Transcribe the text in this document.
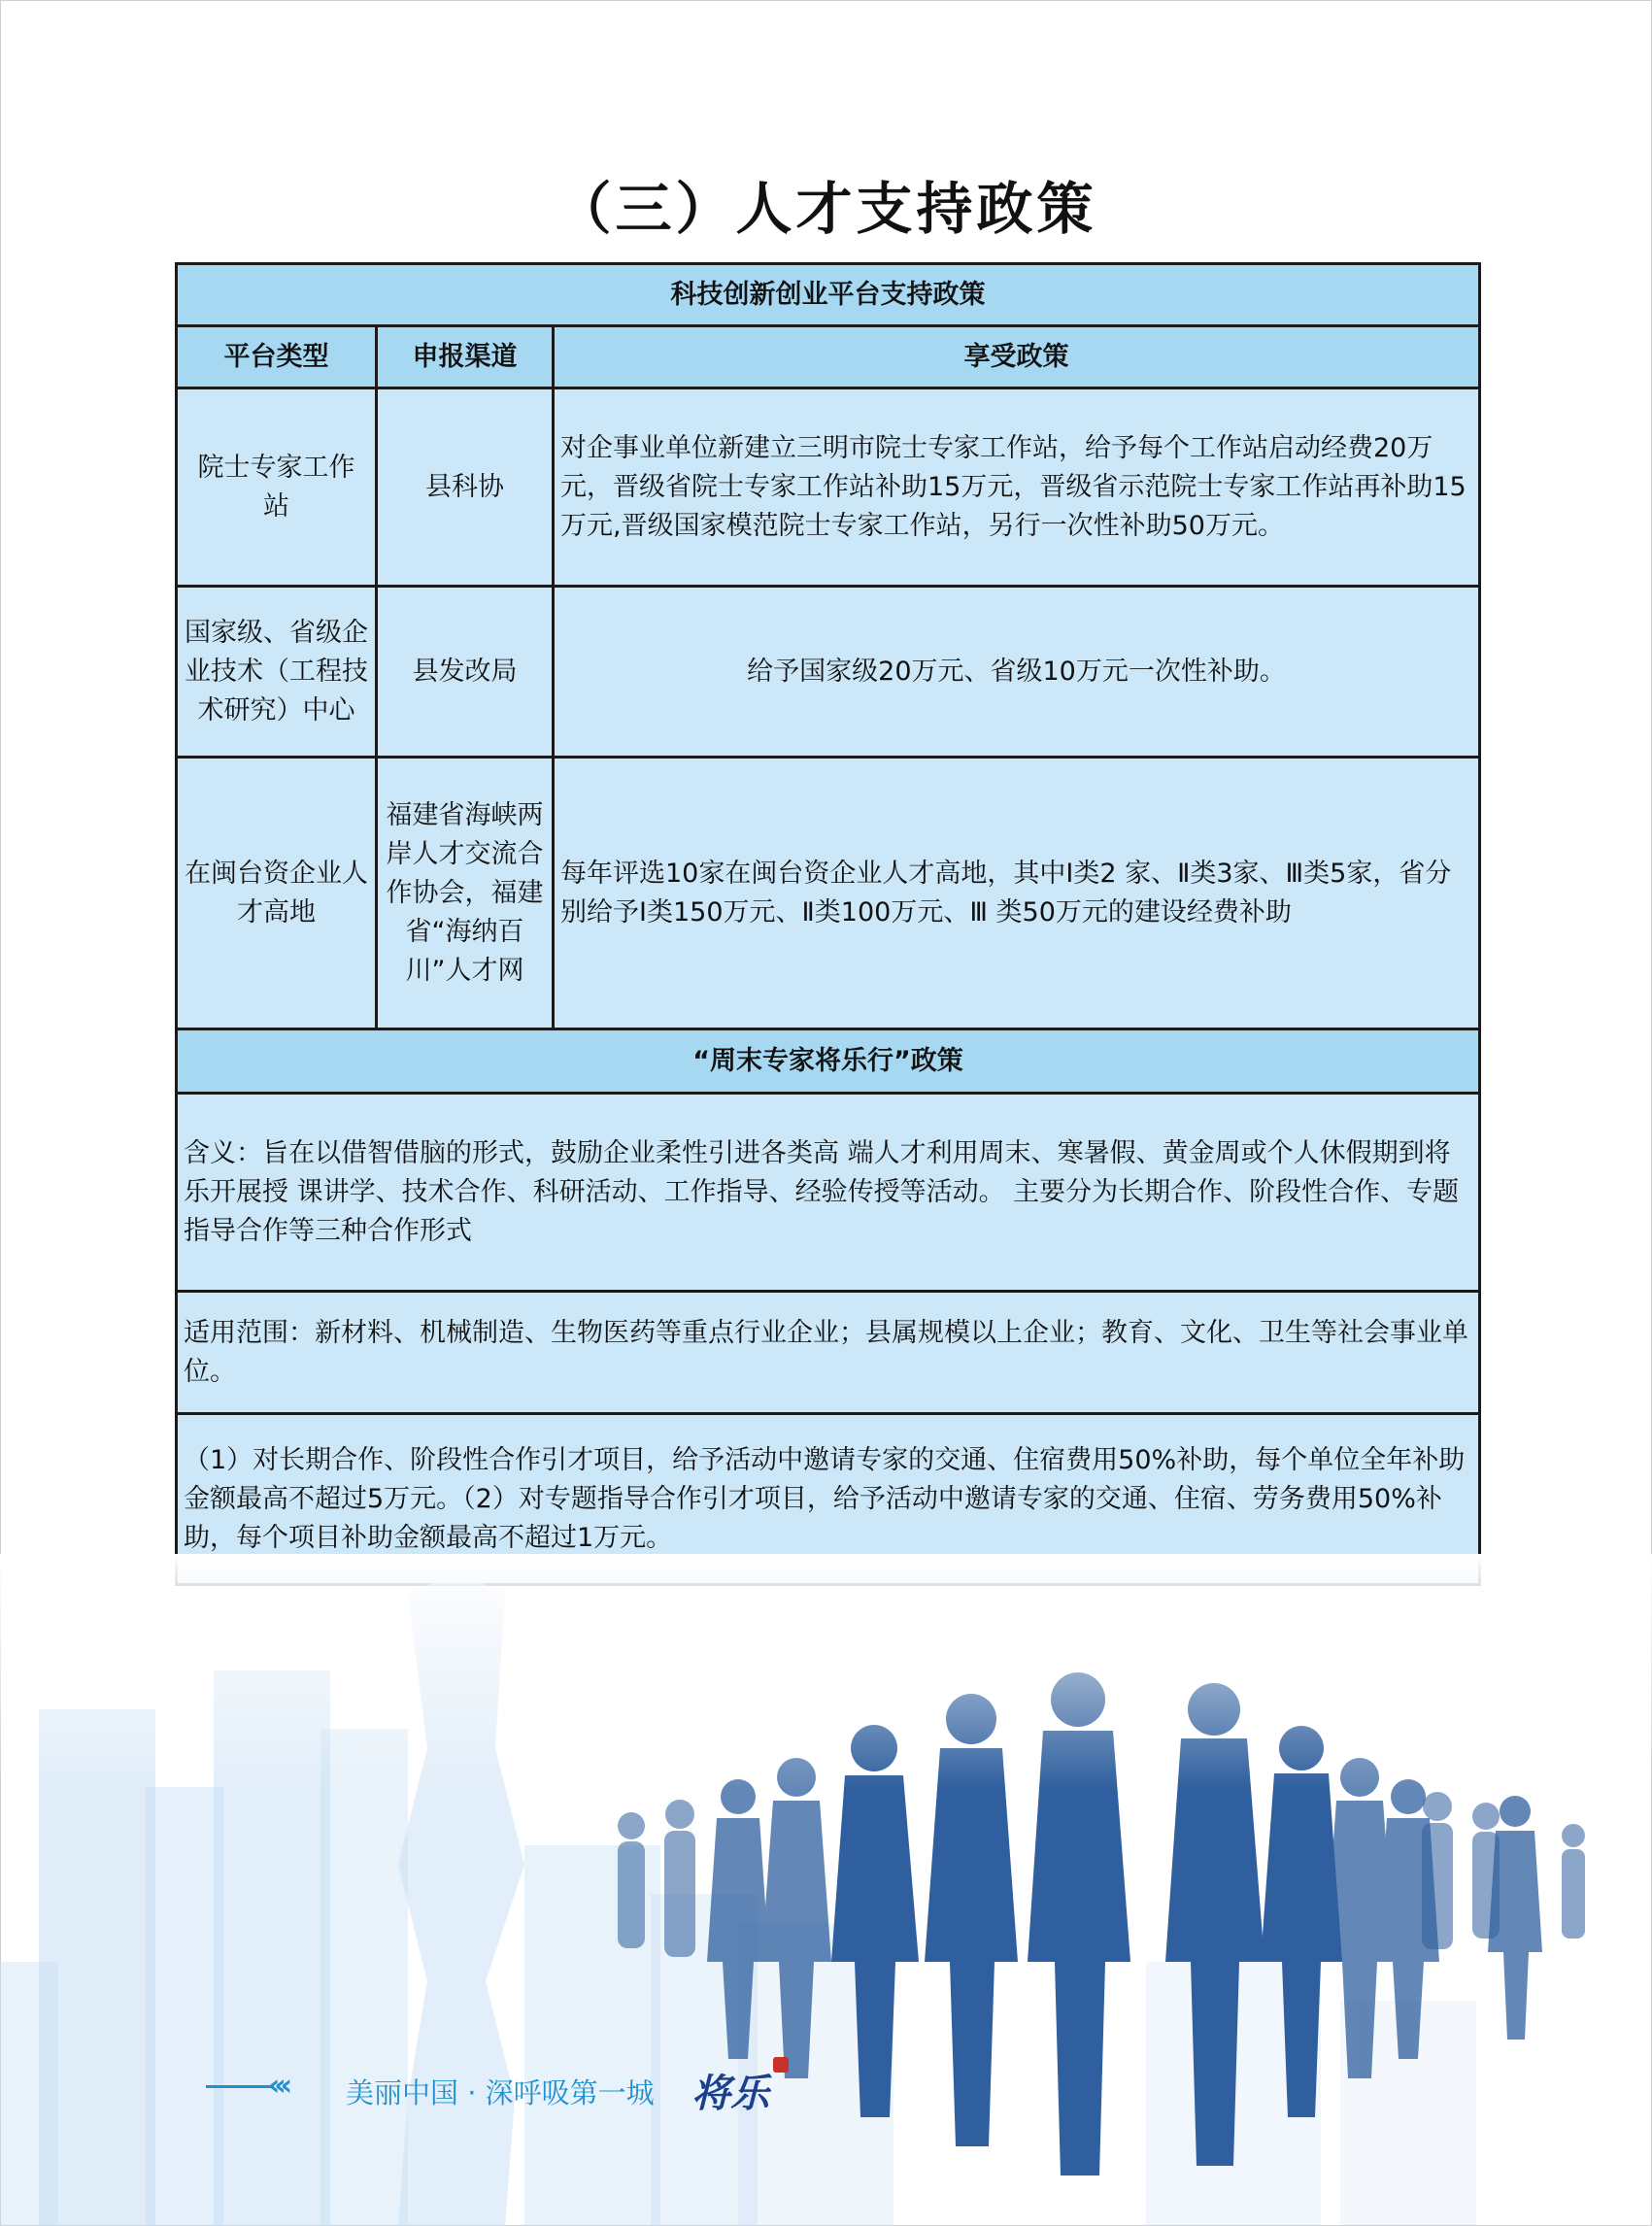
（三）人才支持政策
科技创新创业平台支持政策		
平台类型	申报渠道	享受政策

院士专家工作站	县科协	对企事业单位新建立三明市院士专家工作站，给予每个工作站启动经费20万元，晋级省院士专家工作站补助15万元，晋级省示范院士专家工作站再补助15万元,晋级国家模范院士专家工作站，另行一次性补助50万元。
国家级、省级企业技术（工程技术研究）中心	县发改局	给予国家级20万元、省级10万元一次性补助。
在闽台资企业人才高地	福建省海峡两岸人才交流合作协会，福建省“海纳百川”人才网	每年评选10家在闽台资企业人才高地，其中Ⅰ类2 家、Ⅱ类3家、Ⅲ类5家，省分别给予Ⅰ类150万元、Ⅱ类100万元、Ⅲ 类50万元的建设经费补助
“周末专家将乐行”政策		
含义：旨在以借智借脑的形式，鼓励企业柔性引进各类高 端人才利用周末、寒暑假、黄金周或个人休假期到将乐开展授 课讲学、技术合作、科研活动、工作指导、经验传授等活动。 主要分为长期合作、阶段性合作、专题指导合作等三种合作形式		
适用范围：新材料、机械制造、生物医药等重点行业企业；县属规模以上企业；教育、文化、卫生等社会事业单位。		
（1）对长期合作、阶段性合作引才项目，给予活动中邀请专家的交通、住宿费用50%补助，每个单位全年补助金额最高不超过5万元。（2）对专题指导合作引才项目，给予活动中邀请专家的交通、住宿、劳务费用50%补助，每个项目补助金额最高不超过1万元。		
‹‹‹ 美丽中国 · 深呼吸第一城 将乐
